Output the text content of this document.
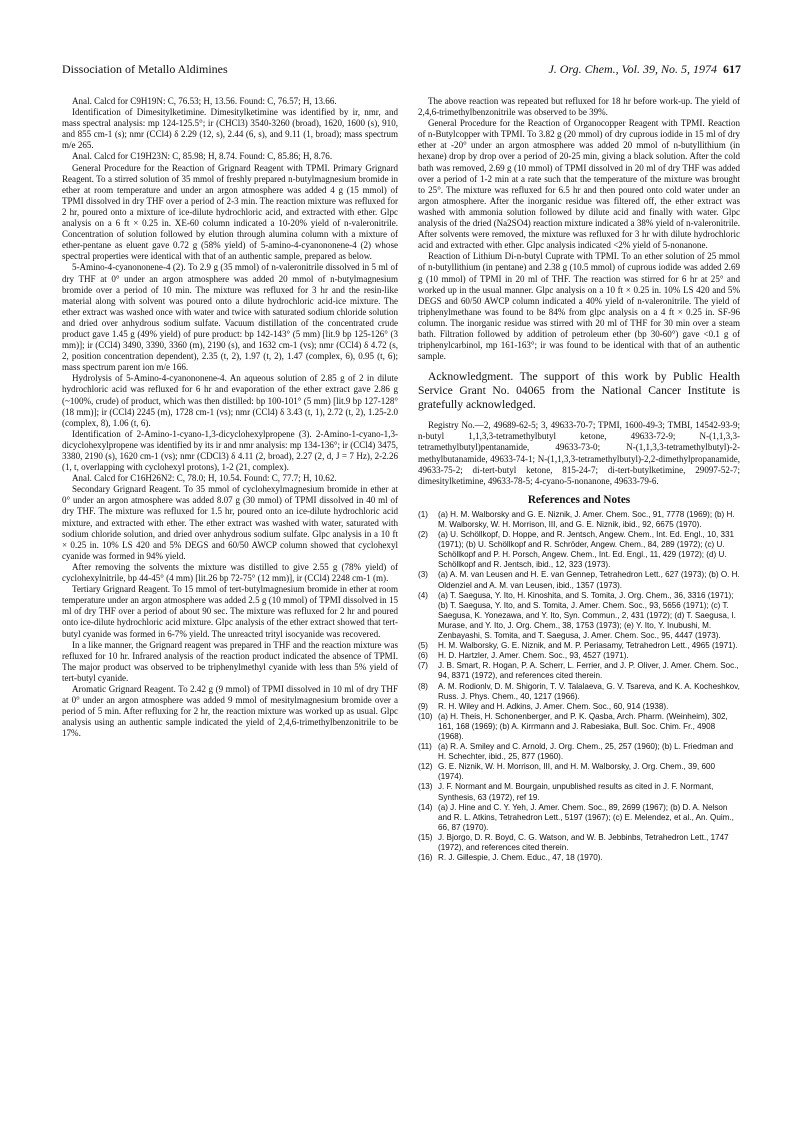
Dissociation of Metallo Aldimines	J. Org. Chem., Vol. 39, No. 5, 1974 617

Anal. Calcd for C9H19N: C, 76.53; H, 13.56. Found: C, 76.57; H, 13.66.

Identification of Dimesitylketimine. Dimesitylketimine was identified by ir, nmr, and mass spectral analysis: mp 124-125.5°; ir (CHCl3) 3540-3260 (broad), 1620, 1600 (s), 910, and 855 cm-1 (s); nmr (CCl4) δ 2.29 (12, s), 2.44 (6, s), and 9.11 (1, broad); mass spectrum m/e 265.

Anal. Calcd for C19H23N: C, 85.98; H, 8.74. Found: C, 85.86; H, 8.76.

General Procedure for the Reaction of Grignard Reagent with TPMI. Primary Grignard Reagent. To a stirred solution of 35 mmol of freshly prepared n-butylmagnesium bromide in ether at room temperature and under an argon atmosphere was added 4 g (15 mmol) of TPMI dissolved in dry THF over a period of 2-3 min. The reaction mixture was refluxed for 2 hr, poured onto a mixture of ice-dilute hydrochloric acid, and extracted with ether. Glpc analysis on a 6 ft × 0.25 in. XE-60 column indicated a 10-20% yield of n-valeronitrile. Concentration of solution followed by elution through alumina column with a mixture of ether-pentane as eluent gave 0.72 g (58% yield) of 5-amino-4-cyanononene-4 (2) whose spectral properties were identical with that of an authentic sample, prepared as below.

5-Amino-4-cyanononene-4 (2). To 2.9 g (35 mmol) of n-valeronitrile dissolved in 5 ml of dry THF at 0° under an argon atmosphere was added 20 mmol of n-butylmagnesium bromide over a period of 10 min. The mixture was refluxed for 3 hr and the resin-like material along with solvent was poured onto a dilute hydrochloric acid-ice mixture. The ether extract was washed once with water and twice with saturated sodium chloride solution and dried over anhydrous sodium sulfate. Vacuum distillation of the concentrated crude product gave 1.45 g (49% yield) of pure product: bp 142-143° (5 mm) [lit.9 bp 125-126° (3 mm)]; ir (CCl4) 3490, 3390, 3360 (m), 2190 (s), and 1632 cm-1 (vs); nmr (CCl4) δ 4.72 (s, 2, position concentration dependent), 2.35 (t, 2), 1.97 (t, 2), 1.47 (complex, 6), 0.95 (t, 6); mass spectrum parent ion m/e 166.

Hydrolysis of 5-Amino-4-cyanononene-4. An aqueous solution of 2.85 g of 2 in dilute hydrochloric acid was refluxed for 6 hr and evaporation of the ether extract gave 2.86 g (~100%, crude) of product, which was then distilled: bp 100-101° (5 mm) [lit.9 bp 127-128° (18 mm)]; ir (CCl4) 2245 (m), 1728 cm-1 (vs); nmr (CCl4) δ 3.43 (t, 1), 2.72 (t, 2), 1.25-2.0 (complex, 8), 1.06 (t, 6).

Identification of 2-Amino-1-cyano-1,3-dicyclohexylpropene (3). 2-Amino-1-cyano-1,3-dicyclohexylpropene was identified by its ir and nmr analysis: mp 134-136°; ir (CCl4) 3475, 3380, 2190 (s), 1620 cm-1 (vs); nmr (CDCl3) δ 4.11 (2, broad), 2.27 (2, d, J = 7 Hz), 2-2.26 (1, t, overlapping with cyclohexyl protons), 1-2 (21, complex).

Anal. Calcd for C16H26N2: C, 78.0; H, 10.54. Found: C, 77.7; H, 10.62.

Secondary Grignard Reagent. To 35 mmol of cyclohexylmagnesium bromide in ether at 0° under an argon atmosphere was added 8.07 g (30 mmol) of TPMI dissolved in 40 ml of dry THF. The mixture was refluxed for 1.5 hr, poured onto an ice-dilute hydrochloric acid mixture, and extracted with ether. The ether extract was washed with water, saturated with sodium chloride solution, and dried over anhydrous sodium sulfate. Glpc analysis in a 10 ft × 0.25 in. 10% LS 420 and 5% DEGS and 60/50 AWCP column showed that cyclohexyl cyanide was formed in 94% yield.

After removing the solvents the mixture was distilled to give 2.55 g (78% yield) of cyclohexylnitrile, bp 44-45° (4 mm) [lit.26 bp 72-75° (12 mm)], ir (CCl4) 2248 cm-1 (m).

Tertiary Grignard Reagent. To 15 mmol of tert-butylmagnesium bromide in ether at room temperature under an argon atmosphere was added 2.5 g (10 mmol) of TPMI dissolved in 15 ml of dry THF over a period of about 90 sec. The mixture was refluxed for 2 hr and poured onto ice-dilute hydrochloric acid mixture. Glpc analysis of the ether extract showed that tert-butyl cyanide was formed in 6-7% yield. The unreacted trityl isocyanide was recovered.

In a like manner, the Grignard reagent was prepared in THF and the reaction mixture was refluxed for 10 hr. Infrared analysis of the reaction product indicated the absence of TPMI. The major product was observed to be triphenylmethyl cyanide with less than 5% yield of tert-butyl cyanide.

Aromatic Grignard Reagent. To 2.42 g (9 mmol) of TPMI dissolved in 10 ml of dry THF at 0° under an argon atmosphere was added 9 mmol of mesitylmagnesium bromide over a period of 5 min. After refluxing for 2 hr, the reaction mixture was worked up as usual. Glpc analysis using an authentic sample indicated the yield of 2,4,6-trimethylbenzonitrile to be 17%.

The above reaction was repeated but refluxed for 18 hr before work-up. The yield of 2,4,6-trimethylbenzonitrile was observed to be 39%.

General Procedure for the Reaction of Organocopper Reagent with TPMI. Reaction of n-Butylcopper with TPMI. To 3.82 g (20 mmol) of dry cuprous iodide in 15 ml of dry ether at -20° under an argon atmosphere was added 20 mmol of n-butyllithium (in hexane) drop by drop over a period of 20-25 min, giving a black solution. After the cold bath was removed, 2.69 g (10 mmol) of TPMI dissolved in 20 ml of dry THF was added over a period of 1-2 min at a rate such that the temperature of the mixture was brought to 25°. The mixture was refluxed for 6.5 hr and then poured onto cold water under an argon atmosphere. After the inorganic residue was filtered off, the ether extract was washed with ammonia solution followed by dilute acid and finally with water. Glpc analysis of the dried (Na2SO4) reaction mixture indicated a 38% yield of n-valeronitrile. After solvents were removed, the mixture was refluxed for 3 hr with dilute hydrochloric acid and extracted with ether. Glpc analysis indicated <2% yield of 5-nonanone.

Reaction of Lithium Di-n-butyl Cuprate with TPMI. To an ether solution of 25 mmol of n-butyllithium (in pentane) and 2.38 g (10.5 mmol) of cuprous iodide was added 2.69 g (10 mmol) of TPMI in 20 ml of THF. The reaction was stirred for 6 hr at 25° and worked up in the usual manner. Glpc analysis on a 10 ft × 0.25 in. 10% LS 420 and 5% DEGS and 60/50 AWCP column indicated a 40% yield of n-valeronitrile. The yield of triphenylmethane was found to be 84% from glpc analysis on a 4 ft × 0.25 in. SF-96 column. The inorganic residue was stirred with 20 ml of THF for 30 min over a steam bath. Filtration followed by addition of petroleum ether (bp 30-60°) gave <0.1 g of triphenylcarbinol, mp 161-163°; ir was found to be identical with that of an authentic sample.

Acknowledgment. The support of this work by Public Health Service Grant No. 04065 from the National Cancer Institute is gratefully acknowledged.

Registry No.—2, 49689-62-5; 3, 49633-70-7; TPMI, 1600-49-3; TMBI, 14542-93-9; n-butyl 1,1,3,3-tetramethylbutyl ketone, 49633-72-9; N-(1,1,3,3-tetramethylbutyl)pentanamide, 49633-73-0; N-(1,1,3,3-tetramethylbutyl)-2-methylbutanamide, 49633-74-1; N-(1,1,3,3-tetramethylbutyl)-2,2-dimethylpropanamide, 49633-75-2; di-tert-butyl ketone, 815-24-7; di-tert-butylketimine, 29097-52-7; dimesitylketimine, 49633-78-5; 4-cyano-5-nonanone, 49633-79-6.

References and Notes
(1)	(a) H. M. Walborsky and G. E. Niznik, J. Amer. Chem. Soc., 91, 7778 (1969); (b) H. M. Walborsky, W. H. Morrison, III, and G. E. Niznik, ibid., 92, 6675 (1970).
(2)	(a) U. Schöllkopf, D. Hoppe, and R. Jentsch, Angew. Chem., Int. Ed. Engl., 10, 331 (1971); (b) U. Schöllkopf and R. Schröder, Angew. Chem., 84, 289 (1972); (c) U. Schöllkopf and P. H. Porsch, Angew. Chem., Int. Ed. Engl., 11, 429 (1972); (d) U. Schöllkopf and R. Jentsch, ibid., 12, 323 (1973).
(3)	(a) A. M. van Leusen and H. E. van Gennep, Tetrahedron Lett., 627 (1973); (b) O. H. Oldenziel and A. M. van Leusen, ibid., 1357 (1973).
(4)	(a) T. Saegusa, Y. Ito, H. Kinoshita, and S. Tomita, J. Org. Chem., 36, 3316 (1971); (b) T. Saegusa, Y. Ito, and S. Tomita, J. Amer. Chem. Soc., 93, 5656 (1971); (c) T. Saegusa, K. Yonezawa, and Y. Ito, Syn. Commun., 2, 431 (1972); (d) T. Saegusa, I. Murase, and Y. Ito, J. Org. Chem., 38, 1753 (1973); (e) Y. Ito, Y. Inubushi, M. Zenbayashi, S. Tomita, and T. Saegusa, J. Amer. Chem. Soc., 95, 4447 (1973).
(5)	H. M. Walborsky, G. E. Niznik, and M. P. Periasamy, Tetrahedron Lett., 4965 (1971).
(6)	H. D. Hartzler, J. Amer. Chem. Soc., 93, 4527 (1971).
(7)	J. B. Smart, R. Hogan, P. A. Scherr, L. Ferrier, and J. P. Oliver, J. Amer. Chem. Soc., 94, 8371 (1972), and references cited therein.
(8)	A. M. Rodionlv, D. M. Shigorin, T. V. Talalaeva, G. V. Tsareva, and K. A. Kocheshkov, Russ. J. Phys. Chem., 40, 1217 (1966).
(9)	R. H. Wiley and H. Adkins, J. Amer. Chem. Soc., 60, 914 (1938).
(10) (a) H. Theis, H. Schonenberger, and P. K. Qasba, Arch. Pharm. (Weinheim), 302, 161, 168 (1969); (b) A. Kirrmann and J. Rabesiaka, Bull. Soc. Chim. Fr., 4908 (1968).
(11) (a) R. A. Smiley and C. Arnold, J. Org. Chem., 25, 257 (1960); (b) L. Friedman and H. Schechter, ibid., 25, 877 (1960).
(12) G. E. Niznik, W. H. Morrison, III, and H. M. Walborsky, J. Org. Chem., 39, 600 (1974).
(13) J. F. Normant and M. Bourgain, unpublished results as cited in J. F. Normant, Synthesis, 63 (1972), ref 19.
(14) (a) J. Hine and C. Y. Yeh, J. Amer. Chem. Soc., 89, 2699 (1967); (b) D. A. Nelson and R. L. Atkins, Tetrahedron Lett., 5197 (1967); (c) E. Melendez, et al., An. Quim., 66, 87 (1970).
(15) J. Bjorgo, D. R. Boyd, C. G. Watson, and W. B. Jebbinbs, Tetrahedron Lett., 1747 (1972), and references cited therein.
(16) R. J. Gillespie, J. Chem. Educ., 47, 18 (1970).
